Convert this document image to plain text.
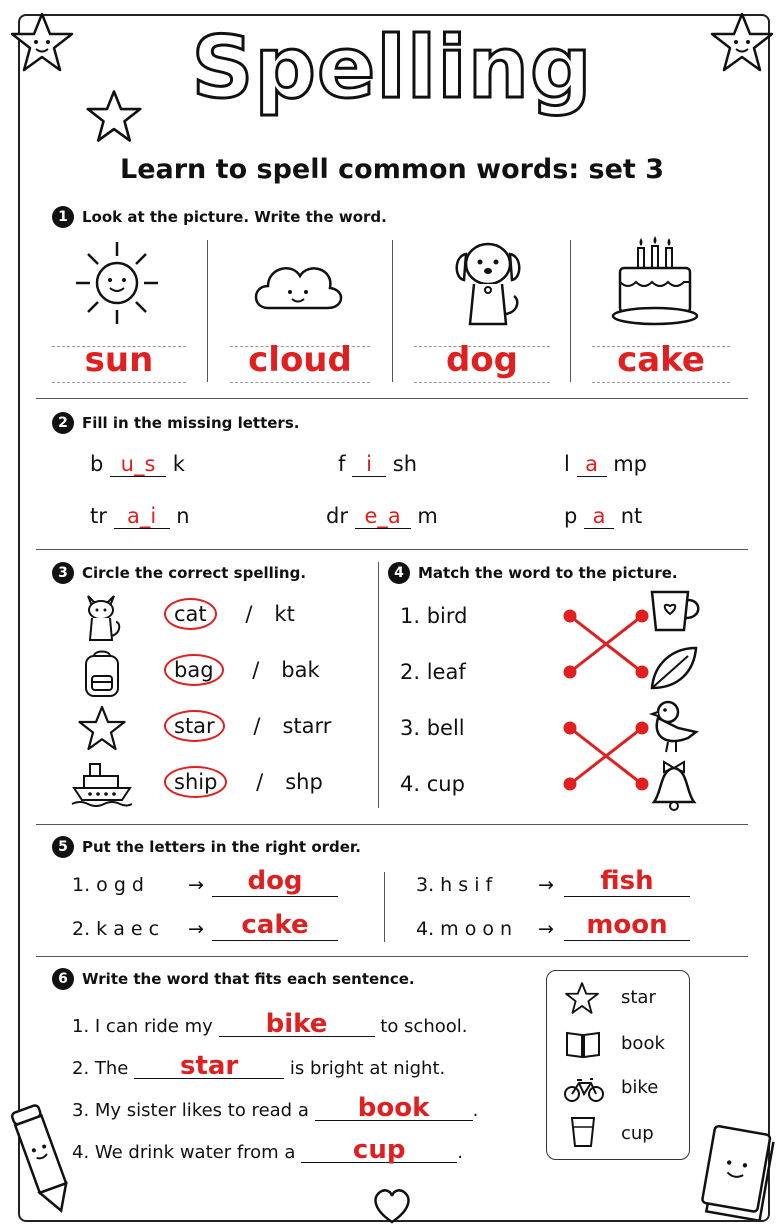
Spelling
Learn to spell common words: set 3
1 Look at the picture. Write the word.
sun	cloud	dog	cake
2 Fill in the missing letters.
b u_s k	f i sh	l a mp
tr a_i n	dr e_a m	p a nt
3 Circle the correct spelling.
cat / kt
bag / bak
star / starr
ship / shp
4 Match the word to the picture.
1. bird
2. leaf
3. bell
4. cup
5 Put the letters in the right order.
1. o g d →	dog
2. k a e c →	cake
3. h s i f →	fish
4. m o o n →	moon
6 Write the word that fits each sentence.
1. I can ride my bike	to school.
2. The star	is bright at night.
3. My sister likes to read a book .
4. We drink water from a cup	.
star
book
bike
cup
